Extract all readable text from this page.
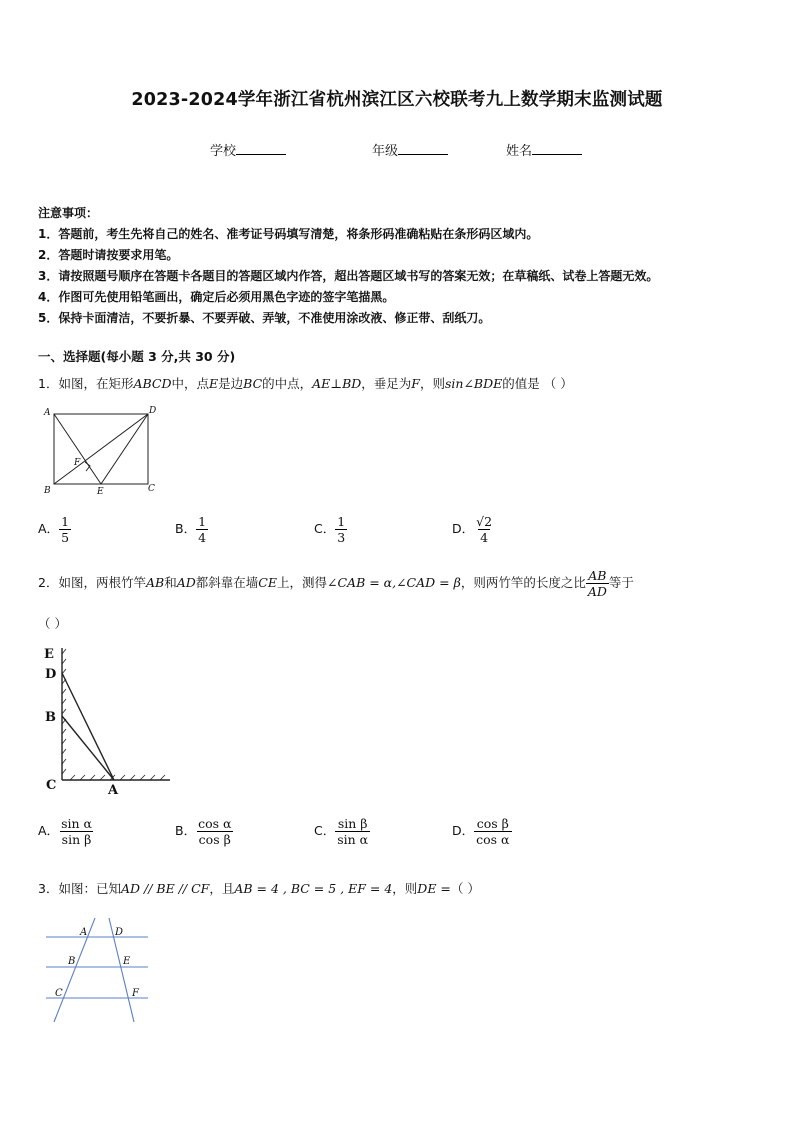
2023-2024学年浙江省杭州滨江区六校联考九上数学期末监测试题
学校	年级	姓名
注意事项：
1．答题前，考生先将自己的姓名、准考证号码填写清楚，将条形码准确粘贴在条形码区域内。
2．答题时请按要求用笔。
3．请按照题号顺序在答题卡各题目的答题区域内作答，超出答题区域书写的答案无效；在草稿纸、试卷上答题无效。
4．作图可先使用铅笔画出，确定后必须用黑色字迹的签字笔描黑。
5．保持卡面清洁，不要折暴、不要弄破、弄皱，不准使用涂改液、修正带、刮纸刀。
一、选择题(每小题 3 分,共 30 分)
1．如图，在矩形ABCD中，点E是边BC的中点，AE⊥BD，垂足为F，则sin∠BDE的值是 （ ）
A	D
B	C
E
F
A． $\frac{1}{5}$	B． $\frac{1}{4}$	C． $\frac{1}{3}$	D． $\frac{√2}{4}$
2．如图，两根竹竿AB和AD都斜靠在墙CE上，测得∠CAB = α,∠CAD = β，则两竹竿的长度之比 $\frac{AB}{AD}$ 等于
（ ）
E
D
B
C	A
A． $\frac{\text{sin α}}{\text{sin β}}$	B． $\frac{\text{cos α}}{\text{cos β}}$	C． $\frac{\text{sin β}}{\text{sin α}}$	D． $\frac{\text{cos β}}{\text{cos α}}$
3．如图：已知AD // BE // CF，且AB = 4 , BC = 5 , EF = 4，则DE =（ ）
A	D
B	E
C	F
